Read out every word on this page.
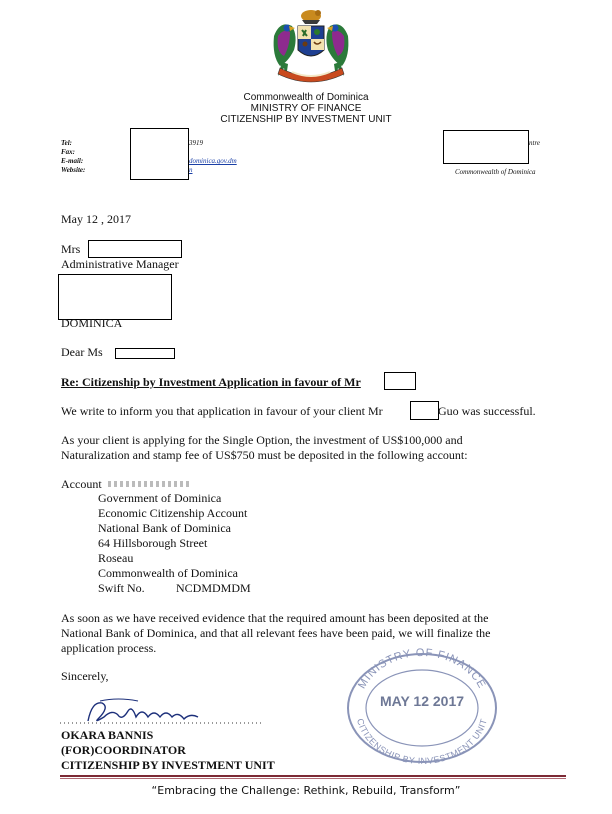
Commonwealth of Dominica
MINISTRY OF FINANCE
CITIZENSHIP BY INVESTMENT UNIT
Tel:
Fax:
E-mail:
Website:
3919
dominica.gov.dm
n
ntre
Commonwealth of Dominica
May 12 , 2017
Mrs
Administrative Manager
DOMINICA
Dear Ms
Re: Citizenship by Investment Application in favour of Mr
We write to inform you that application in favour of your client Mr	Guo was successful.
As your client is applying for the Single Option, the investment of US$100,000 and
Naturalization and stamp fee of US$750 must be deposited in the following account:
Account
Government of Dominica
Economic Citizenship Account
National Bank of Dominica
64 Hillsborough Street
Roseau
Commonwealth of Dominica
Swift No.	NCDMDMDM
As soon as we have received evidence that the required amount has been deposited at the
National Bank of Dominica, and that all relevant fees have been paid, we will finalize the
application process.
Sincerely,
OKARA BANNIS
(FOR)COORDINATOR
CITIZENSHIP BY INVESTMENT UNIT
MINISTRY OF FINANCE
CITIZENSHIP BY INVESTMENT UNIT
MAY 12 2017
“Embracing the Challenge: Rethink, Rebuild, Transform”
